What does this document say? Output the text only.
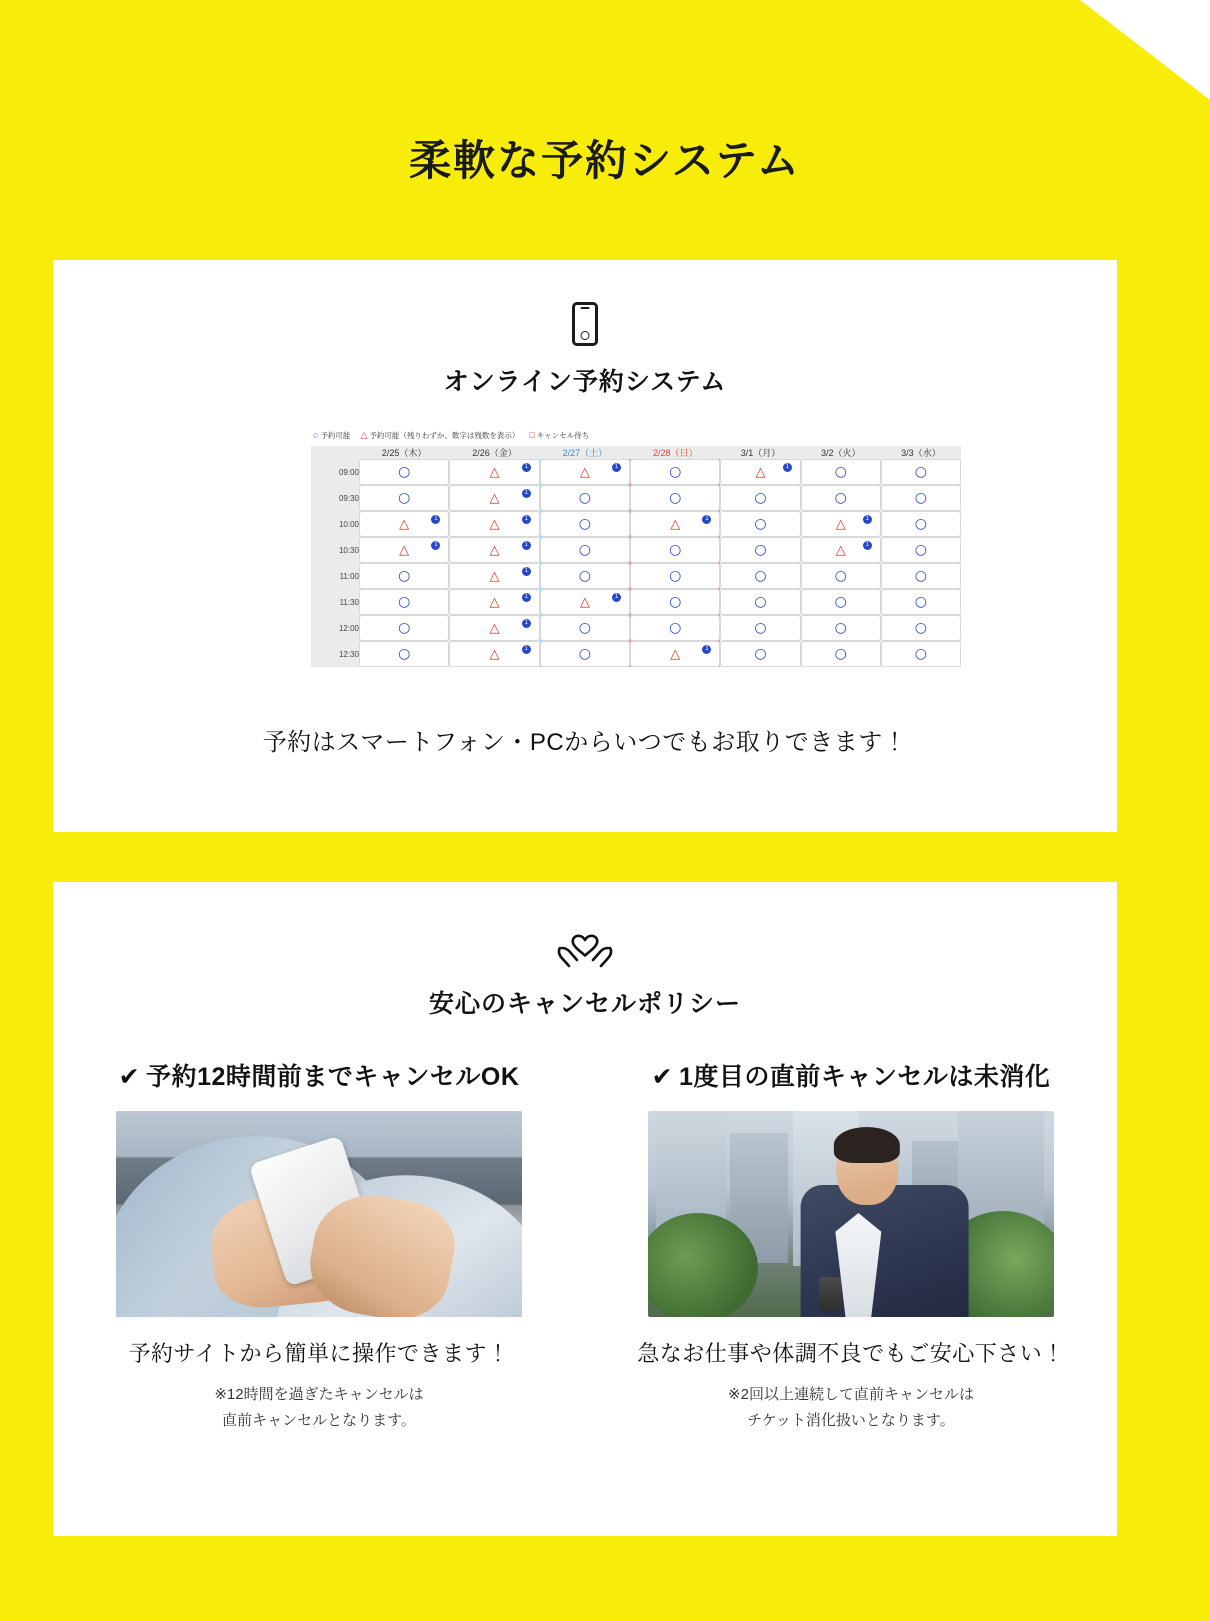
柔軟な予約システム
オンライン予約システム
○ 予約可能 △ 予約可能（残りわずか、数字は残数を表示） □ キャンセル待ち
	2/25（木）	2/26（金）	2/27（土）	2/28（日）	3/1（月）	3/2（火）	3/3（水）
09:00	○	△ 1	△ 1	○	△ 1	○	○

09:30	○	△ 1	○	○	○	○	○

10:00	△ 1	△ 1	○	△ 1	○	△ 1	○

10:30	△ 1	△ 1	○	○	○	△ 1	○

11:00	○	△ 1	○	○	○	○	○

11:30	○	△ 1	△ 1	○	○	○	○

12:00	○	△ 1	○	○	○	○	○

12:30	○	△ 1	○	△ 1	○	○	○
予約はスマートフォン・PCからいつでもお取りできます！
安心のキャンセルポリシー
✔ 予約12時間前までキャンセルOK
予約サイトから簡単に操作できます！
※12時間を過ぎたキャンセルは
直前キャンセルとなります。
✔ 1度目の直前キャンセルは未消化
急なお仕事や体調不良でもご安心下さい！
※2回以上連続して直前キャンセルは
チケット消化扱いとなります。
